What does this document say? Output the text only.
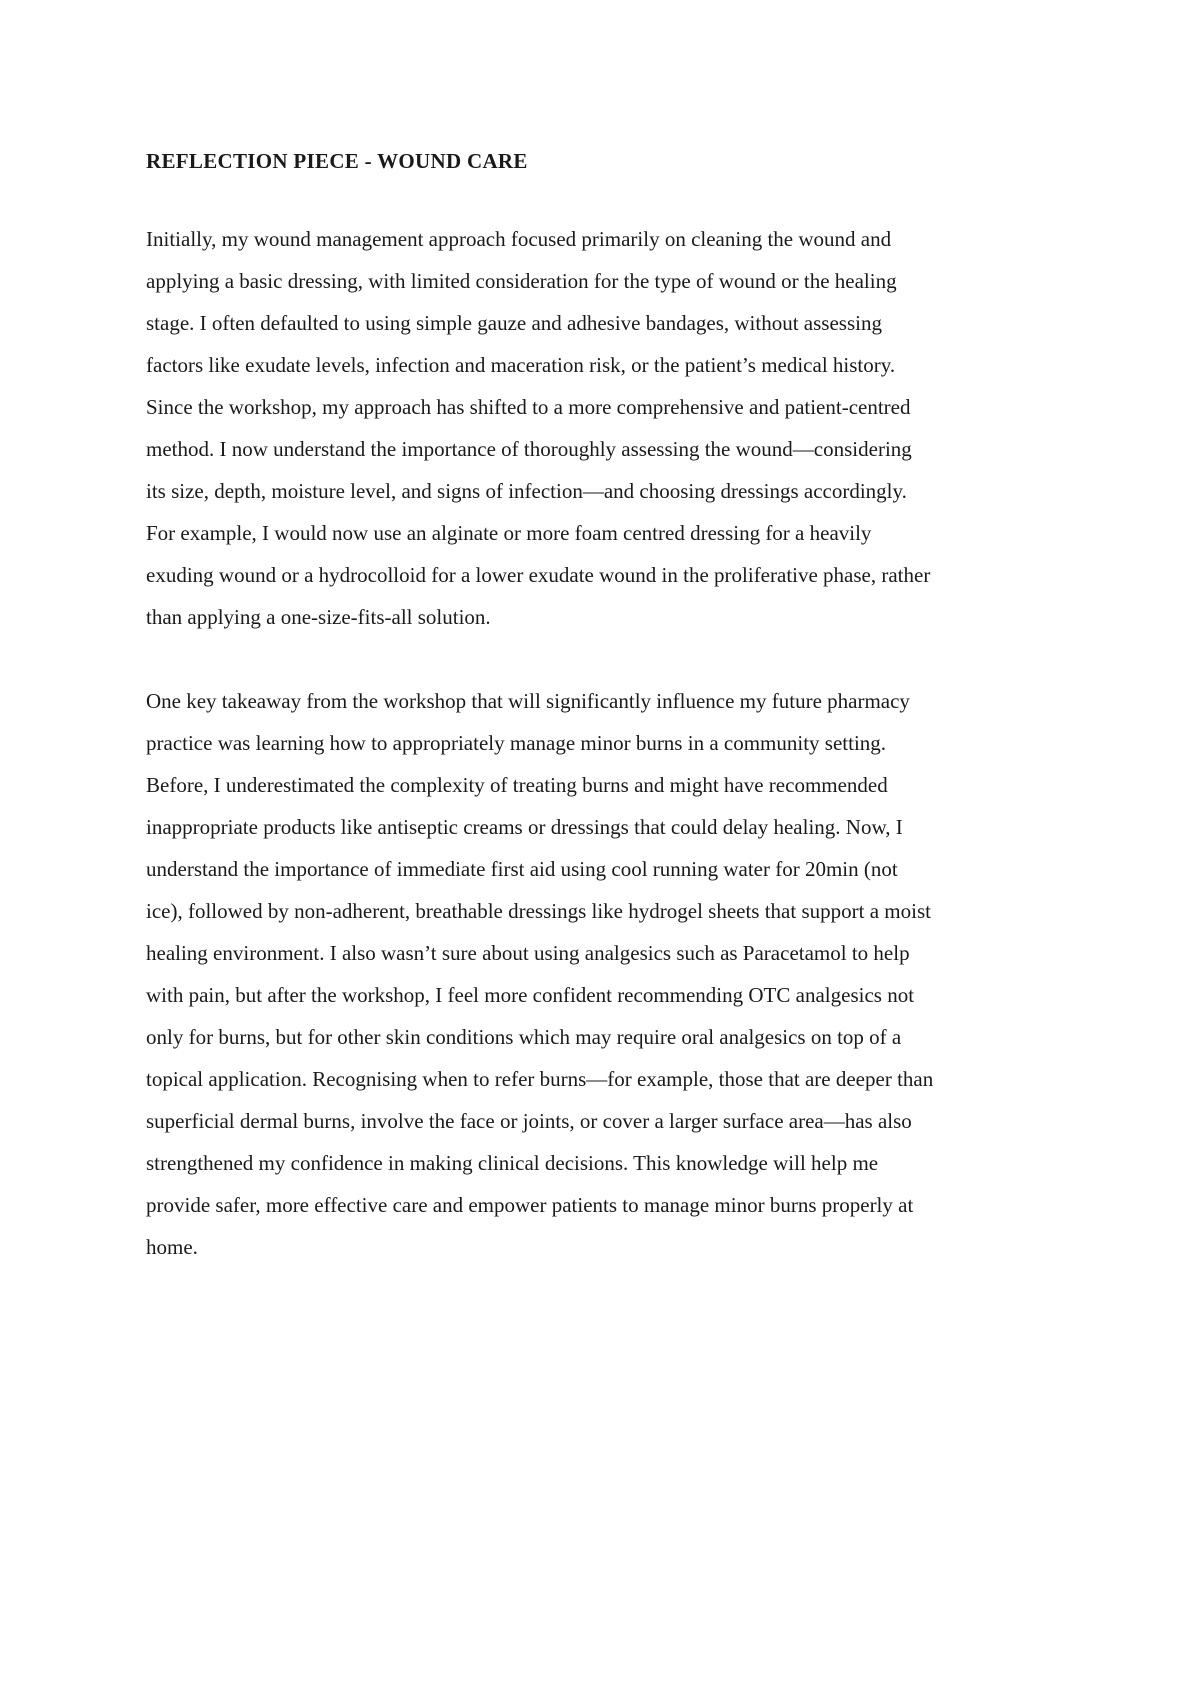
REFLECTION PIECE - WOUND CARE
Initially, my wound management approach focused primarily on cleaning the wound and
applying a basic dressing, with limited consideration for the type of wound or the healing
stage. I often defaulted to using simple gauze and adhesive bandages, without assessing
factors like exudate levels, infection and maceration risk, or the patient’s medical history.
Since the workshop, my approach has shifted to a more comprehensive and patient-centred
method. I now understand the importance of thoroughly assessing the wound—considering
its size, depth, moisture level, and signs of infection—and choosing dressings accordingly.
For example, I would now use an alginate or more foam centred dressing for a heavily
exuding wound or a hydrocolloid for a lower exudate wound in the proliferative phase, rather
than applying a one-size-fits-all solution.
One key takeaway from the workshop that will significantly influence my future pharmacy
practice was learning how to appropriately manage minor burns in a community setting.
Before, I underestimated the complexity of treating burns and might have recommended
inappropriate products like antiseptic creams or dressings that could delay healing. Now, I
understand the importance of immediate first aid using cool running water for 20min (not
ice), followed by non-adherent, breathable dressings like hydrogel sheets that support a moist
healing environment. I also wasn’t sure about using analgesics such as Paracetamol to help
with pain, but after the workshop, I feel more confident recommending OTC analgesics not
only for burns, but for other skin conditions which may require oral analgesics on top of a
topical application. Recognising when to refer burns—for example, those that are deeper than
superficial dermal burns, involve the face or joints, or cover a larger surface area—has also
strengthened my confidence in making clinical decisions. This knowledge will help me
provide safer, more effective care and empower patients to manage minor burns properly at
home.
